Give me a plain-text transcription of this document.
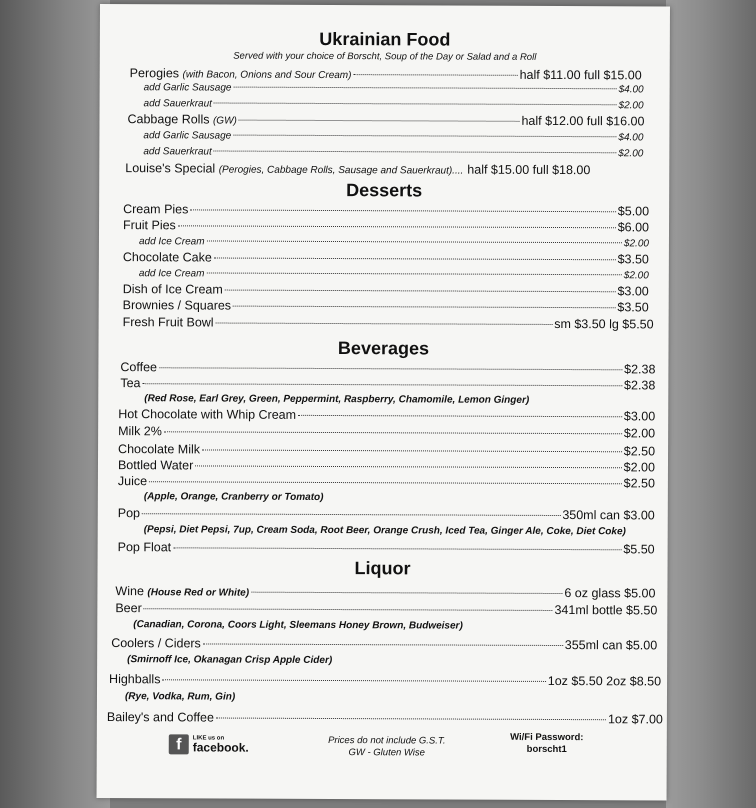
Ukrainian Food
Served with your choice of Borscht, Soup of the Day or Salad and a Roll
Perogies (with Bacon, Onions and Sour Cream)	half $11.00 full $15.00
add Garlic Sausage	$4.00
add Sauerkraut	$2.00
Cabbage Rolls (GW)	half $12.00 full $16.00
add Garlic Sausage	$4.00
add Sauerkraut	$2.00
Louise's Special (Perogies, Cabbage Rolls, Sausage and Sauerkraut).... half $15.00 full $18.00
Desserts
Cream Pies	$5.00
Fruit Pies	$6.00
add Ice Cream	$2.00
Chocolate Cake	$3.50
add Ice Cream	$2.00
Dish of Ice Cream	$3.00
Brownies / Squares	$3.50
Fresh Fruit Bowl	sm $3.50 lg $5.50
Beverages
Coffee	$2.38
Tea	$2.38
(Red Rose, Earl Grey, Green, Peppermint, Raspberry, Chamomile, Lemon Ginger)
Hot Chocolate with Whip Cream	$3.00
Milk 2%	$2.00
Chocolate Milk	$2.50
Bottled Water	$2.00
Juice	$2.50
(Apple, Orange, Cranberry or Tomato)
Pop	350ml can $3.00
(Pepsi, Diet Pepsi, 7up, Cream Soda, Root Beer, Orange Crush, Iced Tea, Ginger Ale, Coke, Diet Coke)
Pop Float	$5.50
Liquor
Wine (House Red or White)	6 oz glass $5.00
Beer	341ml bottle $5.50
(Canadian, Corona, Coors Light, Sleemans Honey Brown, Budweiser)
Coolers / Ciders	355ml can $5.00
(Smirnoff Ice, Okanagan Crisp Apple Cider)
Highballs	1oz $5.50 2oz $8.50
(Rye, Vodka, Rum, Gin)
Bailey's and Coffee	1oz $7.00
f	LIKE us on
facebook.	Prices do not include G.S.T.
GW - Gluten Wise
Wi/Fi Password:
borscht1
